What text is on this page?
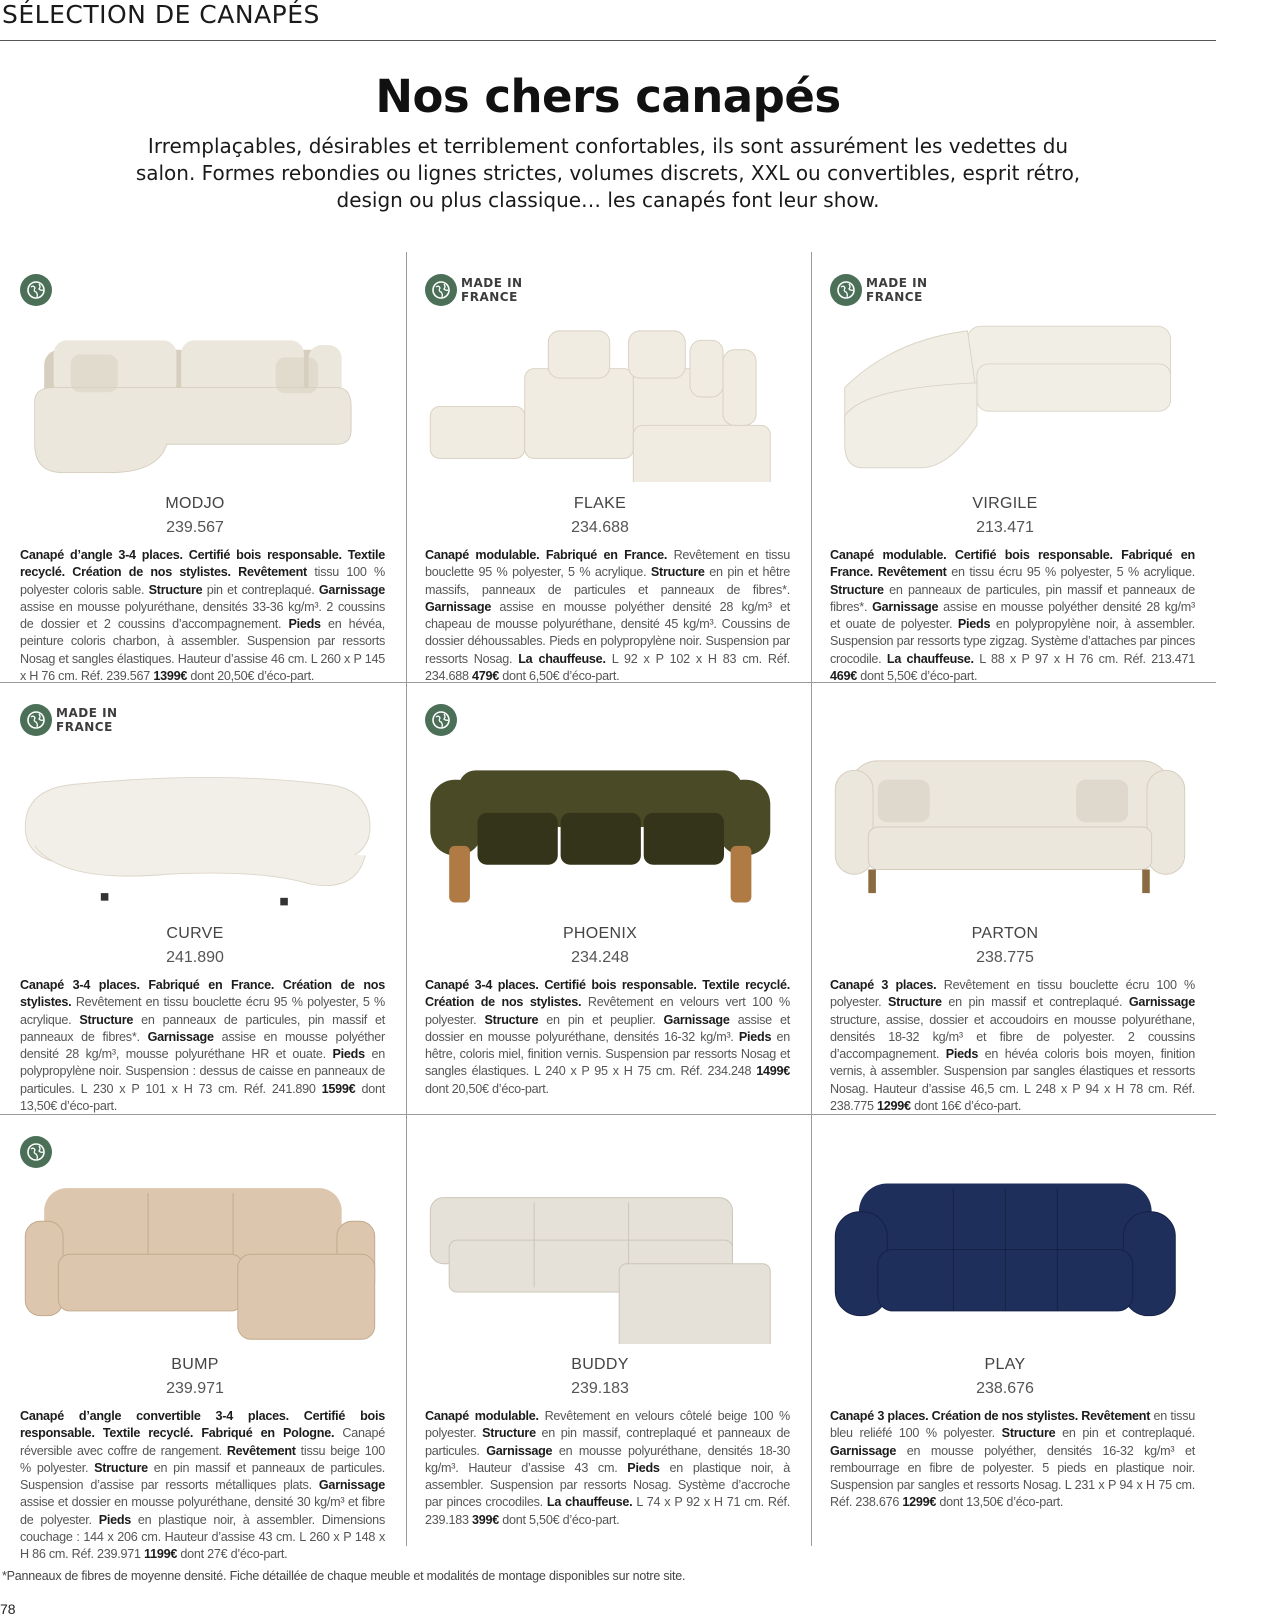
SÉLECTION DE CANAPÉS
Nos chers canapés
Irremplaçables, désirables et terriblement confortables, ils sont assurément les vedettes du salon. Formes rebondies ou lignes strictes, volumes discrets, XXL ou convertibles, esprit rétro, design ou plus classique… les canapés font leur show.
MODJO
239.567
Canapé d’angle 3-4 places. Certifié bois responsable. Textile recyclé. Création de nos stylistes. Revêtement tissu 100 % polyester coloris sable. Structure pin et contreplaqué. Garnissage assise en mousse polyuréthane, densités 33-36 kg/m³. 2 coussins de dossier et 2 coussins d’accompagnement. Pieds en hévéa, peinture coloris charbon, à assembler. Suspension par ressorts Nosag et sangles élastiques. Hauteur d’assise 46 cm. L 260 x P 145 x H 76 cm. Réf. 239.567 1399€ dont 20,50€ d’éco-part.
MADE IN
FRANCE
FLAKE
234.688
Canapé modulable. Fabriqué en France. Revêtement en tissu bouclette 95 % polyester, 5 % acrylique. Structure en pin et hêtre massifs, panneaux de particules et panneaux de fibres*. Garnissage assise en mousse polyéther densité 28 kg/m³ et chapeau de mousse polyuréthane, densité 45 kg/m³. Coussins de dossier déhoussables. Pieds en polypropylène noir. Suspension par ressorts Nosag. La chauffeuse. L 92 x P 102 x H 83 cm. Réf. 234.688 479€ dont 6,50€ d’éco-part.
MADE IN
FRANCE
VIRGILE
213.471
Canapé modulable. Certifié bois responsable. Fabriqué en France. Revêtement en tissu écru 95 % polyester, 5 % acrylique. Structure en panneaux de particules, pin massif et panneaux de fibres*. Garnissage assise en mousse polyéther densité 28 kg/m³ et ouate de polyester. Pieds en polypropylène noir, à assembler. Suspension par ressorts type zigzag. Système d’attaches par pinces crocodile. La chauffeuse. L 88 x P 97 x H 76 cm. Réf. 213.471 469€ dont 5,50€ d’éco-part.
MADE IN
FRANCE
CURVE
241.890
Canapé 3-4 places. Fabriqué en France. Création de nos stylistes. Revêtement en tissu bouclette écru 95 % polyester, 5 % acrylique. Structure en panneaux de particules, pin massif et panneaux de fibres*. Garnissage assise en mousse polyéther densité 28 kg/m³, mousse polyuréthane HR et ouate. Pieds en polypropylène noir. Suspension : dessus de caisse en panneaux de particules. L 230 x P 101 x H 73 cm. Réf. 241.890 1599€ dont 13,50€ d’éco-part.
PHOENIX
234.248
Canapé 3-4 places. Certifié bois responsable. Textile recyclé. Création de nos stylistes. Revêtement en velours vert 100 % polyester. Structure en pin et peuplier. Garnissage assise et dossier en mousse polyuréthane, densités 16-32 kg/m³. Pieds en hêtre, coloris miel, finition vernis. Suspension par ressorts Nosag et sangles élastiques. L 240 x P 95 x H 75 cm. Réf. 234.248 1499€ dont 20,50€ d’éco-part.
PARTON
238.775
Canapé 3 places. Revêtement en tissu bouclette écru 100 % polyester. Structure en pin massif et contreplaqué. Garnissage structure, assise, dossier et accoudoirs en mousse polyuréthane, densités 18-32 kg/m³ et fibre de polyester. 2 coussins d’accompagnement. Pieds en hévéa coloris bois moyen, finition vernis, à assembler. Suspension par sangles élastiques et ressorts Nosag. Hauteur d’assise 46,5 cm. L 248 x P 94 x H 78 cm. Réf. 238.775 1299€ dont 16€ d’éco-part.
BUMP
239.971
Canapé d’angle convertible 3-4 places. Certifié bois responsable. Textile recyclé. Fabriqué en Pologne. Canapé réversible avec coffre de rangement. Revêtement tissu beige 100 % polyester. Structure en pin massif et panneaux de particules. Suspension d’assise par ressorts métalliques plats. Garnissage assise et dossier en mousse polyuréthane, densité 30 kg/m³ et fibre de polyester. Pieds en plastique noir, à assembler. Dimensions couchage : 144 x 206 cm. Hauteur d’assise 43 cm. L 260 x P 148 x H 86 cm. Réf. 239.971 1199€ dont 27€ d’éco-part.
BUDDY
239.183
Canapé modulable. Revêtement en velours côtelé beige 100 % polyester. Structure en pin massif, contreplaqué et panneaux de particules. Garnissage en mousse polyuréthane, densités 18-30 kg/m³. Hauteur d’assise 43 cm. Pieds en plastique noir, à assembler. Suspension par ressorts Nosag. Système d’accroche par pinces crocodiles. La chauffeuse. L 74 x P 92 x H 71 cm. Réf. 239.183 399€ dont 5,50€ d’éco-part.
PLAY
238.676
Canapé 3 places. Création de nos stylistes. Revêtement en tissu bleu reliéfé 100 % polyester. Structure en pin et contreplaqué. Garnissage en mousse polyéther, densités 16-32 kg/m³ et rembourrage en fibre de polyester. 5 pieds en plastique noir. Suspension par sangles et ressorts Nosag. L 231 x P 94 x H 75 cm. Réf. 238.676 1299€ dont 13,50€ d’éco-part.
*Panneaux de fibres de moyenne densité. Fiche détaillée de chaque meuble et modalités de montage disponibles sur notre site.
78
